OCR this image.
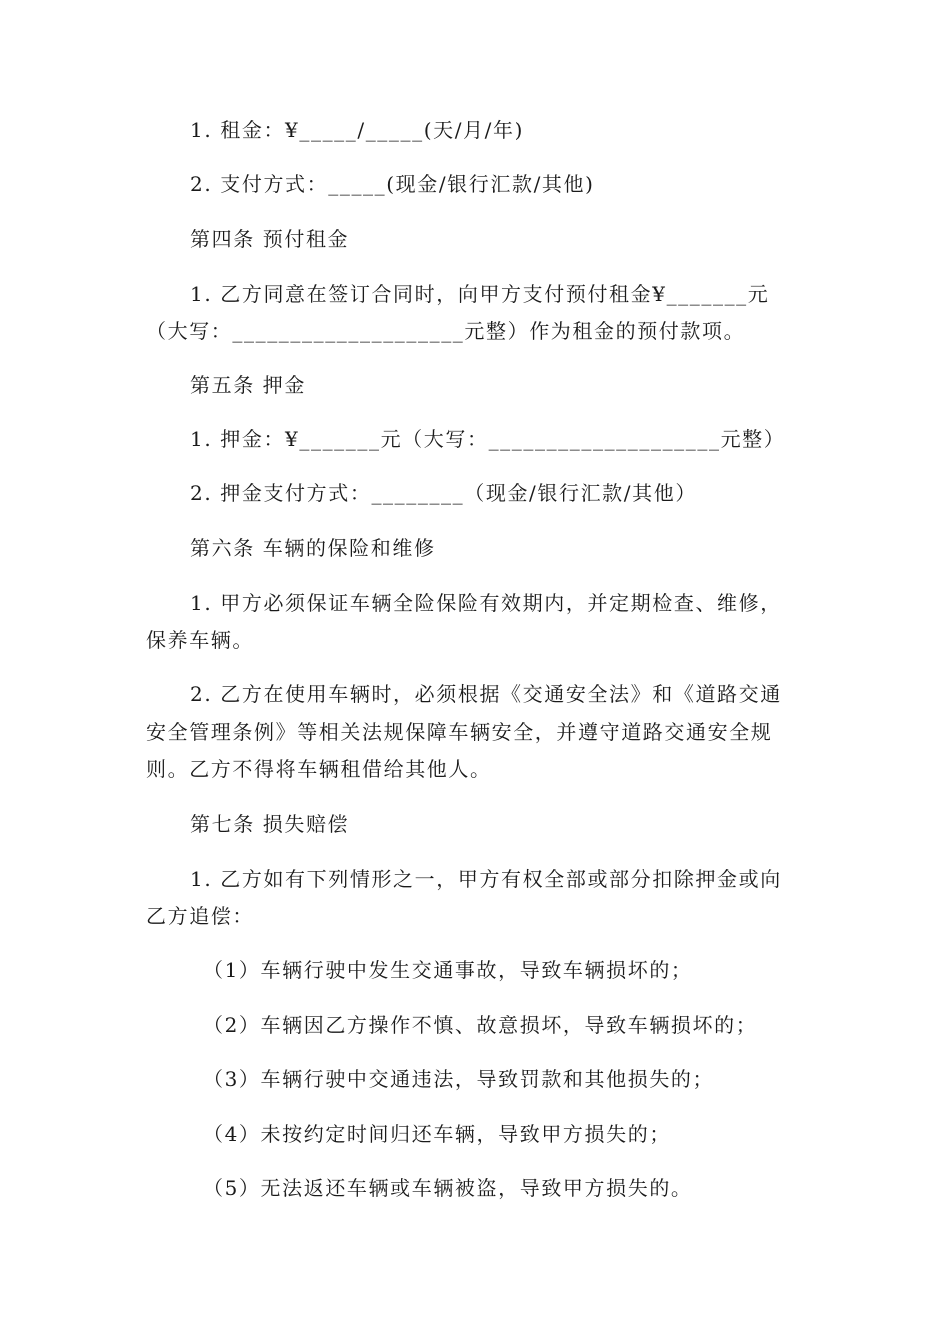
1. 租金：¥_____/_____(天/月/年)
2. 支付方式：_____(现金/银行汇款/其他)
第四条 预付租金
1. 乙方同意在签订合同时，向甲方支付预付租金¥_______元
（大写：____________________元整）作为租金的预付款项。
第五条 押金
1. 押金：¥_______元（大写：____________________元整）
2. 押金支付方式：________（现金/银行汇款/其他）
第六条 车辆的保险和维修
1. 甲方必须保证车辆全险保险有效期内，并定期检查、维修，
保养车辆。
2. 乙方在使用车辆时，必须根据《交通安全法》和《道路交通
安全管理条例》等相关法规保障车辆安全，并遵守道路交通安全规
则。乙方不得将车辆租借给其他人。
第七条 损失赔偿
1. 乙方如有下列情形之一，甲方有权全部或部分扣除押金或向
乙方追偿：
（1）车辆行驶中发生交通事故，导致车辆损坏的；
（2）车辆因乙方操作不慎、故意损坏，导致车辆损坏的；
（3）车辆行驶中交通违法，导致罚款和其他损失的；
（4）未按约定时间归还车辆，导致甲方损失的；
（5）无法返还车辆或车辆被盗，导致甲方损失的。
